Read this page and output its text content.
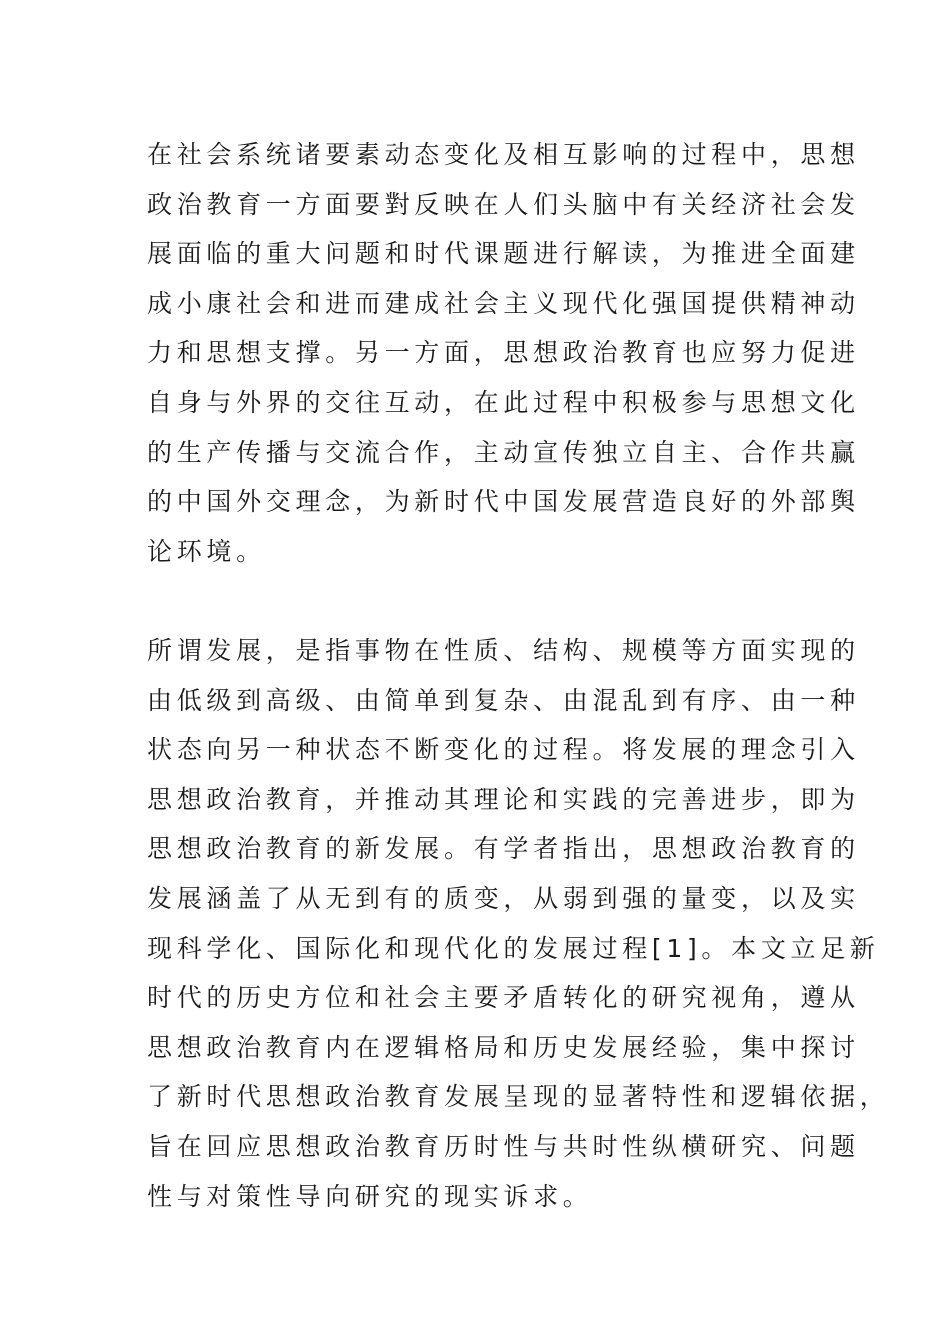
在社会系统诸要素动态变化及相互影响的过程中，思想
政治教育一方面要對反映在人们头脑中有关经济社会发
展面临的重大问题和时代课题进行解读，为推进全面建
成小康社会和进而建成社会主义现代化强国提供精神动
力和思想支撑。另一方面，思想政治教育也应努力促进
自身与外界的交往互动，在此过程中积极参与思想文化
的生产传播与交流合作，主动宣传独立自主、合作共赢
的中国外交理念，为新时代中国发展营造良好的外部舆
论环境。
所谓发展，是指事物在性质、结构、规模等方面实现的
由低级到高级、由简单到复杂、由混乱到有序、由一种
状态向另一种状态不断变化的过程。将发展的理念引入
思想政治教育，并推动其理论和实践的完善进步，即为
思想政治教育的新发展。有学者指出，思想政治教育的
发展涵盖了从无到有的质变，从弱到强的量变，以及实
现科学化、国际化和现代化的发展过程[1]。本文立足新
时代的历史方位和社会主要矛盾转化的研究视角，遵从
思想政治教育内在逻辑格局和历史发展经验，集中探讨
了新时代思想政治教育发展呈现的显著特性和逻辑依据，
旨在回应思想政治教育历时性与共时性纵横研究、问题
性与对策性导向研究的现实诉求。
